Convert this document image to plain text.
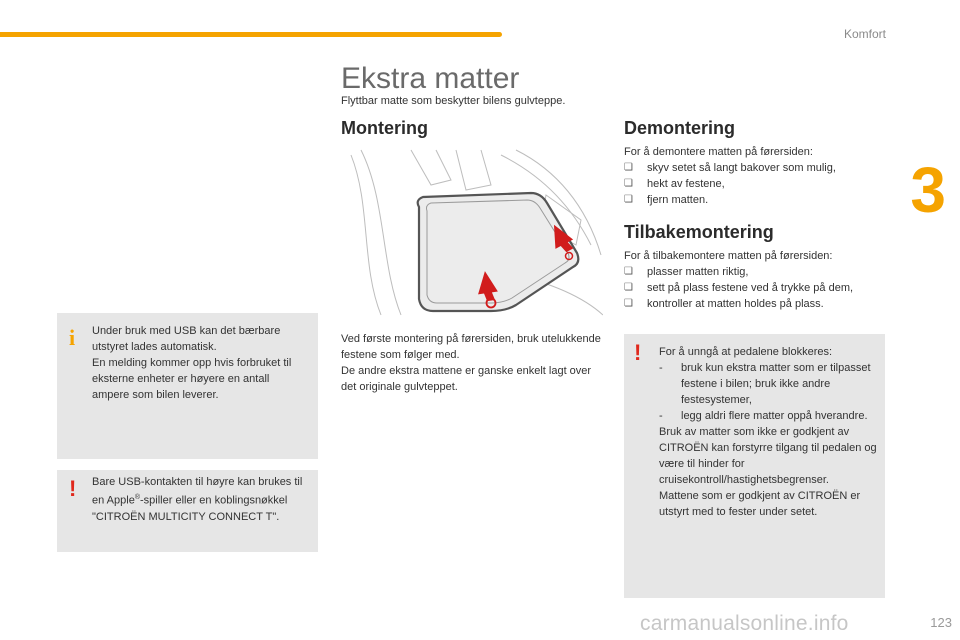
Komfort
3
Ekstra matter
Flyttbar matte som beskytter bilens gulvteppe.
Montering

Ved første montering på førersiden, bruk utelukkende festene som følger med.

De andre ekstra mattene er ganske enkelt lagt over det originale gulvteppet.

Demontering

For å demontere matten på førersiden:

❏ skyv setet så langt bakover som mulig,
❏ hekt av festene,
❏ fjern matten.
Tilbakemontering

For å tilbakemontere matten på førersiden:

❏ plasser matten riktig,
❏ sett på plass festene ved å trykke på dem,
❏ kontroller at matten holdes på plass.
i Under bruk med USB kan det bærbare utstyret lades automatisk.

En melding kommer opp hvis forbruket til eksterne enheter er høyere en antall ampere som bilen leverer.

! Bare USB-kontakten til høyre kan brukes til en Apple®-spiller eller en koblingsnøkkel "CITROËN MULTICITY CONNECT T".
! For å unngå at pedalene blokkeres:

- bruk kun ekstra matter som er tilpasset festene i bilen; bruk ikke andre festesystemer,
- legg aldri flere matter oppå hverandre.

Bruk av matter som ikke er godkjent av CITROËN kan forstyrre tilgang til pedalen og være til hinder for cruisekontroll/hastighetsbegrenser.

Mattene som er godkjent av CITROËN er utstyrt med to fester under setet.

carmanualsonline.info	123
